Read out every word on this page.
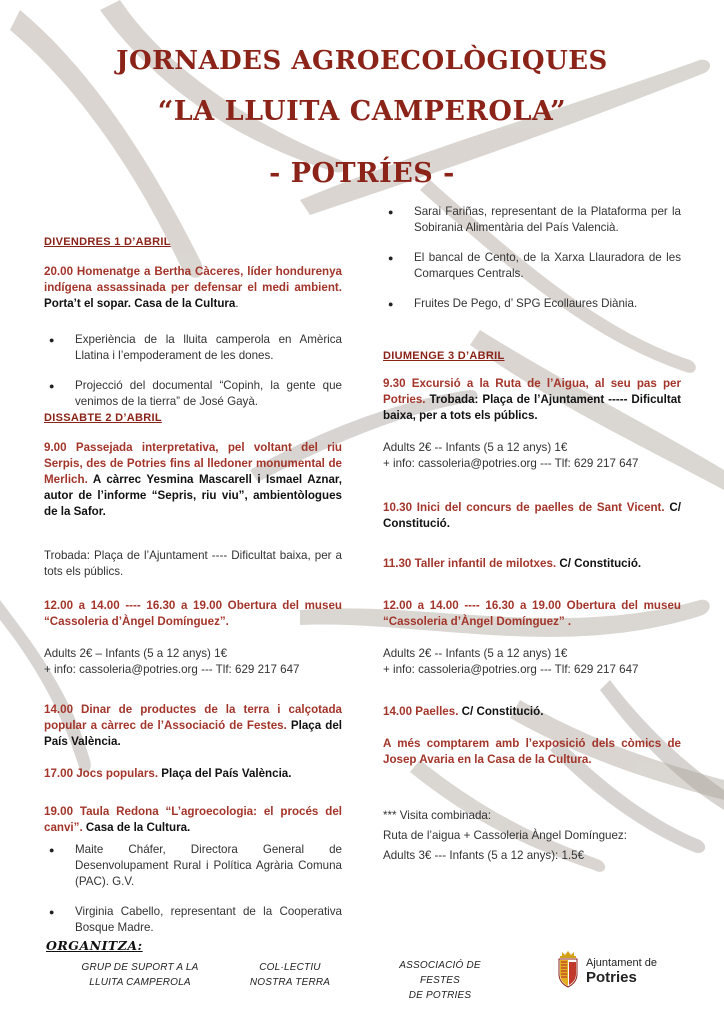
JORNADES AGROECOLÒGIQUES
“LA LLUITA CAMPEROLA”
- POTRÍES -
DIVENDRES 1 D’ABRIL
20.00 Homenatge a Bertha Càceres, líder hondurenya indígena assassinada per defensar el medi ambient. Porta’t el sopar. Casa de la Cultura.
● Experiència de la lluita camperola en Amèrica Llatina i l’empoderament de les dones.
● Projecció del documental “Copinh, la gente que venimos de la tierra” de José Gayà.
DISSABTE 2 D’ABRIL
9.00 Passejada interpretativa, pel voltant del riu Serpis, des de Potries fins al lledoner monumental de Merlich. A càrrec Yesmina Mascarell i Ismael Aznar, autor de l’informe “Sepris, riu viu”, ambientòlogues de la Safor.
Trobada: Plaça de l’Ajuntament ---- Dificultat baixa, per a tots els públics.
12.00 a 14.00 ---- 16.30 a 19.00 Obertura del museu “Cassoleria d’Àngel Domínguez”.
Adults 2€ – Infants (5 a 12 anys) 1€
+ info: cassoleria@potries.org --- Tlf: 629 217 647
14.00 Dinar de productes de la terra i calçotada popular a càrrec de l’Associació de Festes. Plaça del País València.
17.00 Jocs populars. Plaça del País València.
19.00 Taula Redona “L’agroecologia: el procés del canvi”. Casa de la Cultura.
● Maite Cháfer, Directora General de Desenvolupament Rural i Política Agrària Comuna (PAC). G.V.
● Virginia Cabello, representant de la Cooperativa Bosque Madre.
● Sarai Fariñas, representant de la Plataforma per la Sobirania Alimentària del País Valencià.
● El bancal de Cento, de la Xarxa Llauradora de les Comarques Centrals.
● Fruites De Pego, d’ SPG Ecollaures Diània.
DIUMENGE 3 D’ABRIL
9.30 Excursió a la Ruta de l’Aigua, al seu pas per Potries. Trobada: Plaça de l’Ajuntament ----- Dificultat baixa, per a tots els públics.
Adults 2€ -- Infants (5 a 12 anys) 1€
+ info: cassoleria@potries.org --- Tlf: 629 217 647
10.30 Inici del concurs de paelles de Sant Vicent. C/ Constitució.
11.30 Taller infantil de milotxes. C/ Constitució.
12.00 a 14.00 ---- 16.30 a 19.00 Obertura del museu “Cassoleria d’Àngel Domínguez” .
Adults 2€ -- Infants (5 a 12 anys) 1€
+ info: cassoleria@potries.org --- Tlf: 629 217 647
14.00 Paelles. C/ Constitució.
A més comptarem amb l’exposició dels còmics de Josep Avaria en la Casa de la Cultura.
*** Visita combinada:
Ruta de l’aigua + Cassoleria Àngel Domínguez:
Adults 3€ --- Infants (5 a 12 anys): 1.5€
ORGANITZA:
GRUP DE SUPORT A LA
LLUITA CAMPEROLA
COL·LECTIU
NOSTRA TERRA
ASSOCIACIÓ DE FESTES
DE POTRIES
Ajuntament de
Potries
